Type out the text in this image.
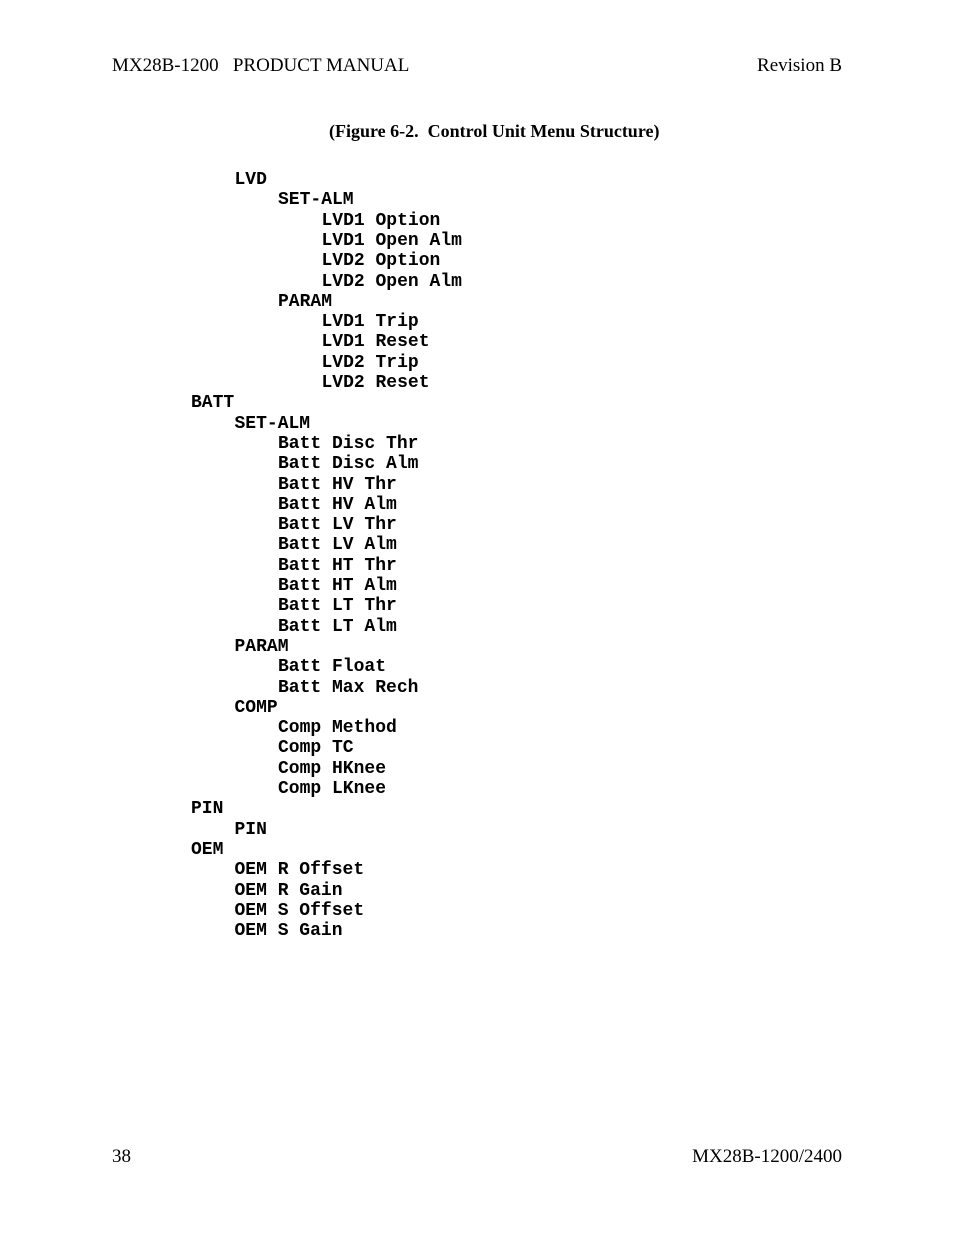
MX28B-1200   PRODUCT MANUAL	Revision B
(Figure 6-2.  Control Unit Menu Structure)
LVD
SET-ALM
LVD1 Option
LVD1 Open Alm
LVD2 Option
LVD2 Open Alm
PARAM
LVD1 Trip
LVD1 Reset
LVD2 Trip
LVD2 Reset
BATT
SET-ALM
Batt Disc Thr
Batt Disc Alm
Batt HV Thr
Batt HV Alm
Batt LV Thr
Batt LV Alm
Batt HT Thr
Batt HT Alm
Batt LT Thr
Batt LT Alm
PARAM
Batt Float
Batt Max Rech
COMP
Comp Method
Comp TC
Comp HKnee
Comp LKnee
PIN
PIN
OEM
OEM R Offset
OEM R Gain
OEM S Offset
OEM S Gain
38	MX28B-1200/2400
